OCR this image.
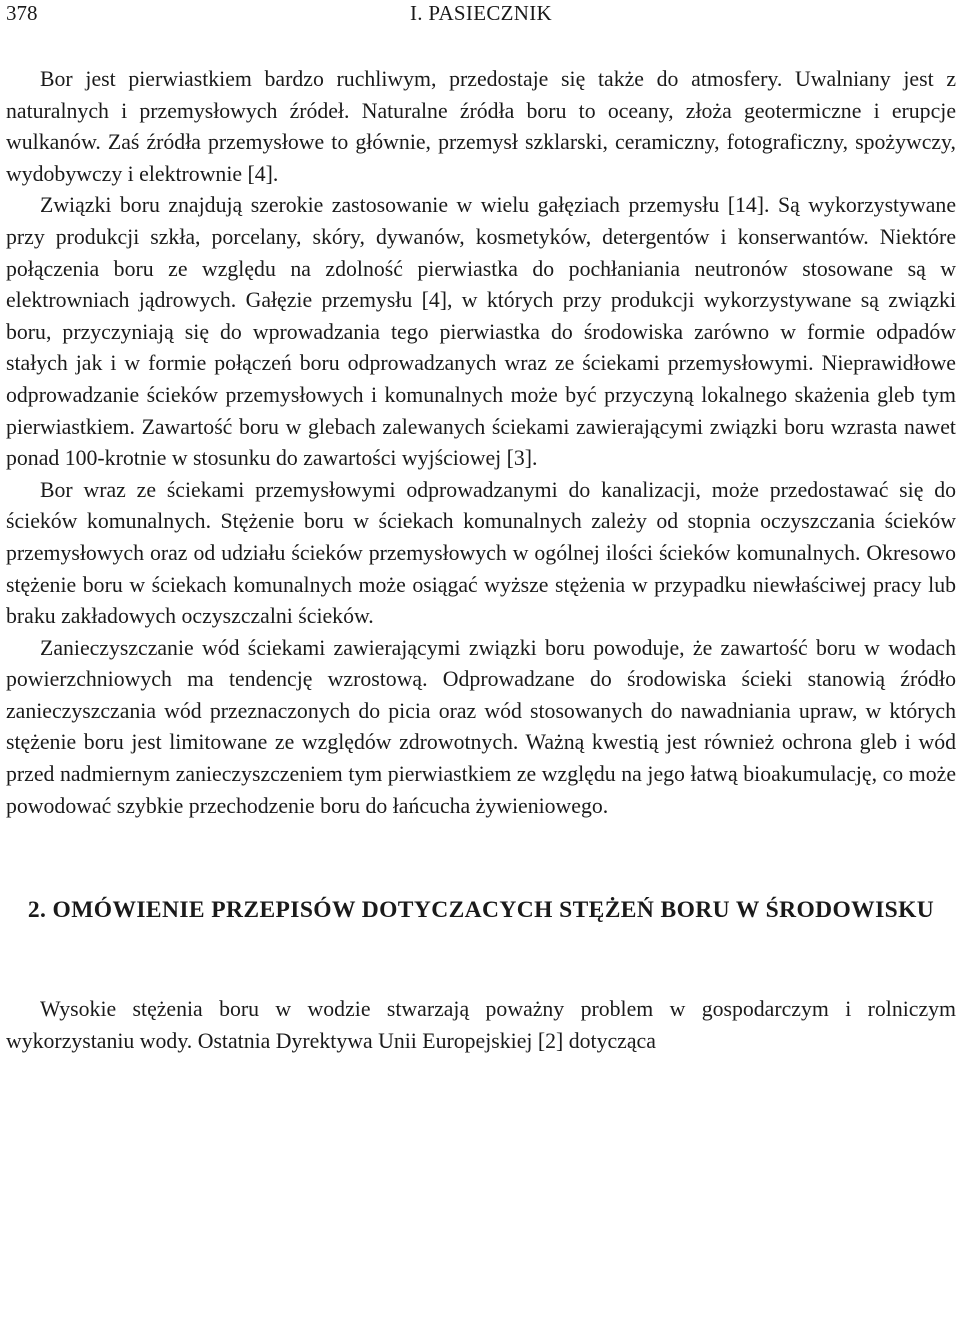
378	I. PASIECZNIK

Bor jest pierwiastkiem bardzo ruchliwym, przedostaje się także do atmosfery. Uwalniany jest z naturalnych i przemysłowych źródeł. Naturalne źródła boru to oceany, złoża geotermiczne i erupcje wulkanów. Zaś źródła przemysłowe to głównie, przemysł szklarski, ceramiczny, fotograficzny, spożywczy, wydobywczy i elektrownie [4].

Związki boru znajdują szerokie zastosowanie w wielu gałęziach przemysłu [14]. Są wykorzystywane przy produkcji szkła, porcelany, skóry, dywanów, kosmetyków, detergentów i konserwantów. Niektóre połączenia boru ze względu na zdolność pierwiastka do pochłaniania neutronów stosowane są w elektrowniach jądrowych. Gałęzie przemysłu [4], w których przy produkcji wykorzystywane są związki boru, przyczyniają się do wprowadzania tego pierwiastka do środowiska zarówno w formie odpadów stałych jak i w formie połączeń boru odprowadzanych wraz ze ściekami przemysłowymi. Nieprawidłowe odprowadzanie ścieków przemysłowych i komunalnych może być przyczyną lokalnego skażenia gleb tym pierwiastkiem. Zawartość boru w glebach zalewanych ściekami zawierającymi związki boru wzrasta nawet ponad 100-krotnie w stosunku do zawartości wyjściowej [3].

Bor wraz ze ściekami przemysłowymi odprowadzanymi do kanalizacji, może przedostawać się do ścieków komunalnych. Stężenie boru w ściekach komunalnych zależy od stopnia oczyszczania ścieków przemysłowych oraz od udziału ścieków przemysłowych w ogólnej ilości ścieków komunalnych. Okresowo stężenie boru w ściekach komunalnych może osiągać wyższe stężenia w przypadku niewłaściwej pracy lub braku zakładowych oczyszczalni ścieków.

Zanieczyszczanie wód ściekami zawierającymi związki boru powoduje, że zawartość boru w wodach powierzchniowych ma tendencję wzrostową. Odprowadzane do środowiska ścieki stanowią źródło zanieczyszczania wód przeznaczonych do picia oraz wód stosowanych do nawadniania upraw, w których stężenie boru jest limitowane ze względów zdrowotnych. Ważną kwestią jest również ochrona gleb i wód przed nadmiernym zanieczyszczeniem tym pierwiastkiem ze względu na jego łatwą bioakumulację, co może powodować szybkie przechodzenie boru do łańcucha żywieniowego.

2. OMÓWIENIE PRZEPISÓW DOTYCZACYCH STĘŻEŃ BORU W ŚRODOWISKU

Wysokie stężenia boru w wodzie stwarzają poważny problem w gospodarczym i rolniczym wykorzystaniu wody. Ostatnia Dyrektywa Unii Europejskiej [2] dotycząca
